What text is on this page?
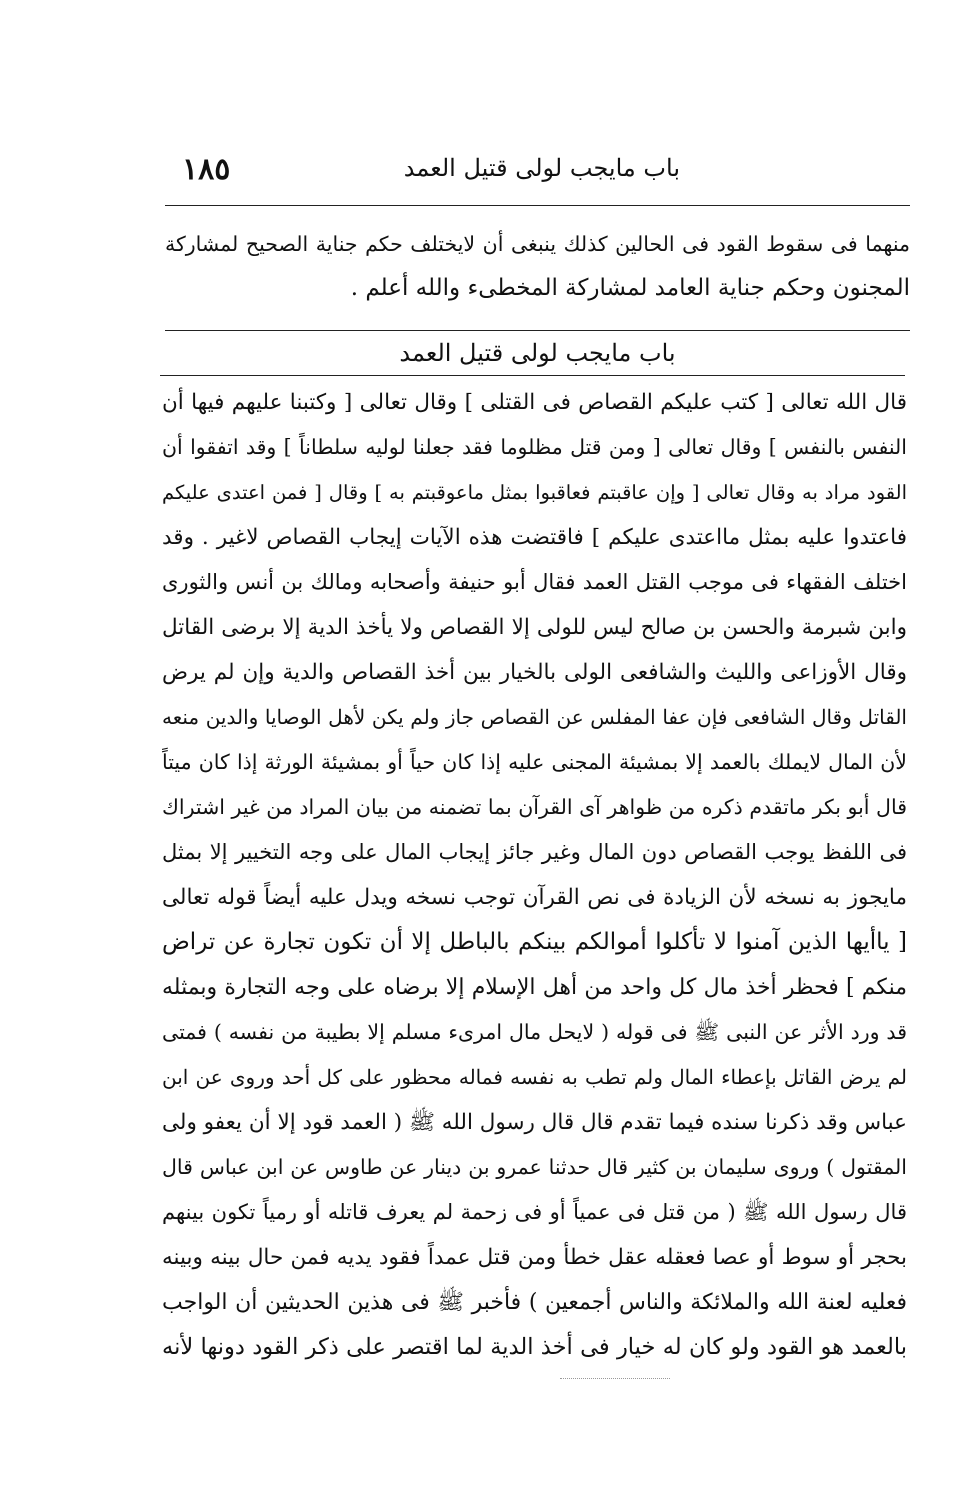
باب مايجب لولى قتيل العمد
١٨٥
منهما فى سقوط القود فى الحالين كذلك ينبغى أن لايختلف حكم جناية الصحيح لمشاركة
المجنون وحكم جناية العامد لمشاركة المخطىء والله أعلم .
باب مايجب لولى قتيل العمد
قال الله تعالى [ كتب عليكم القصاص فى القتلى ] وقال تعالى [ وكتبنا عليهم فيها أن
النفس بالنفس ] وقال تعالى [ ومن قتل مظلوما فقد جعلنا لوليه سلطاناً ] وقد اتفقوا أن
القود مراد به وقال تعالى [ وإن عاقبتم فعاقبوا بمثل ماعوقبتم به ] وقال [ فمن اعتدى عليكم
فاعتدوا عليه بمثل مااعتدى عليكم ] فاقتضت هذه الآيات إيجاب القصاص لاغير . وقد
اختلف الفقهاء فى موجب القتل العمد فقال أبو حنيفة وأصحابه ومالك بن أنس والثورى
وابن شبرمة والحسن بن صالح ليس للولى إلا القصاص ولا يأخذ الدية إلا برضى القاتل
وقال الأوزاعى والليث والشافعى الولى بالخيار بين أخذ القصاص والدية وإن لم يرض
القاتل وقال الشافعى فإن عفا المفلس عن القصاص جاز ولم يكن لأهل الوصايا والدين منعه
لأن المال لايملك بالعمد إلا بمشيئة المجنى عليه إذا كان حياً أو بمشيئة الورثة إذا كان ميتاً
قال أبو بكر ماتقدم ذكره من ظواهر آى القرآن بما تضمنه من بيان المراد من غير اشتراك
فى اللفظ يوجب القصاص دون المال وغير جائز إيجاب المال على وجه التخيير إلا بمثل
مايجوز به نسخه لأن الزيادة فى نص القرآن توجب نسخه ويدل عليه أيضاً قوله تعالى
[ ياأيها الذين آمنوا لا تأكلوا أموالكم بينكم بالباطل إلا أن تكون تجارة عن تراض
منكم ] فحظر أخذ مال كل واحد من أهل الإسلام إلا برضاه على وجه التجارة وبمثله
قد ورد الأثر عن النبى ﷺ فى قوله ( لايحل مال امرىء مسلم إلا بطيبة من نفسه ) فمتى
لم يرض القاتل بإعطاء المال ولم تطب به نفسه فماله محظور على كل أحد وروى عن ابن
عباس وقد ذكرنا سنده فيما تقدم قال قال رسول الله ﷺ ( العمد قود إلا أن يعفو ولى
المقتول ) وروى سليمان بن كثير قال حدثنا عمرو بن دينار عن طاوس عن ابن عباس قال
قال رسول الله ﷺ ( من قتل فى عمياً أو فى زحمة لم يعرف قاتله أو رمياً تكون بينهم
بحجر أو سوط أو عصا فعقله عقل خطأ ومن قتل عمداً فقود يديه فمن حال بينه وبينه
فعليه لعنة الله والملائكة والناس أجمعين ) فأخبر ﷺ فى هذين الحديثين أن الواجب
بالعمد هو القود ولو كان له خيار فى أخذ الدية لما اقتصر على ذكر القود دونها لأنه
